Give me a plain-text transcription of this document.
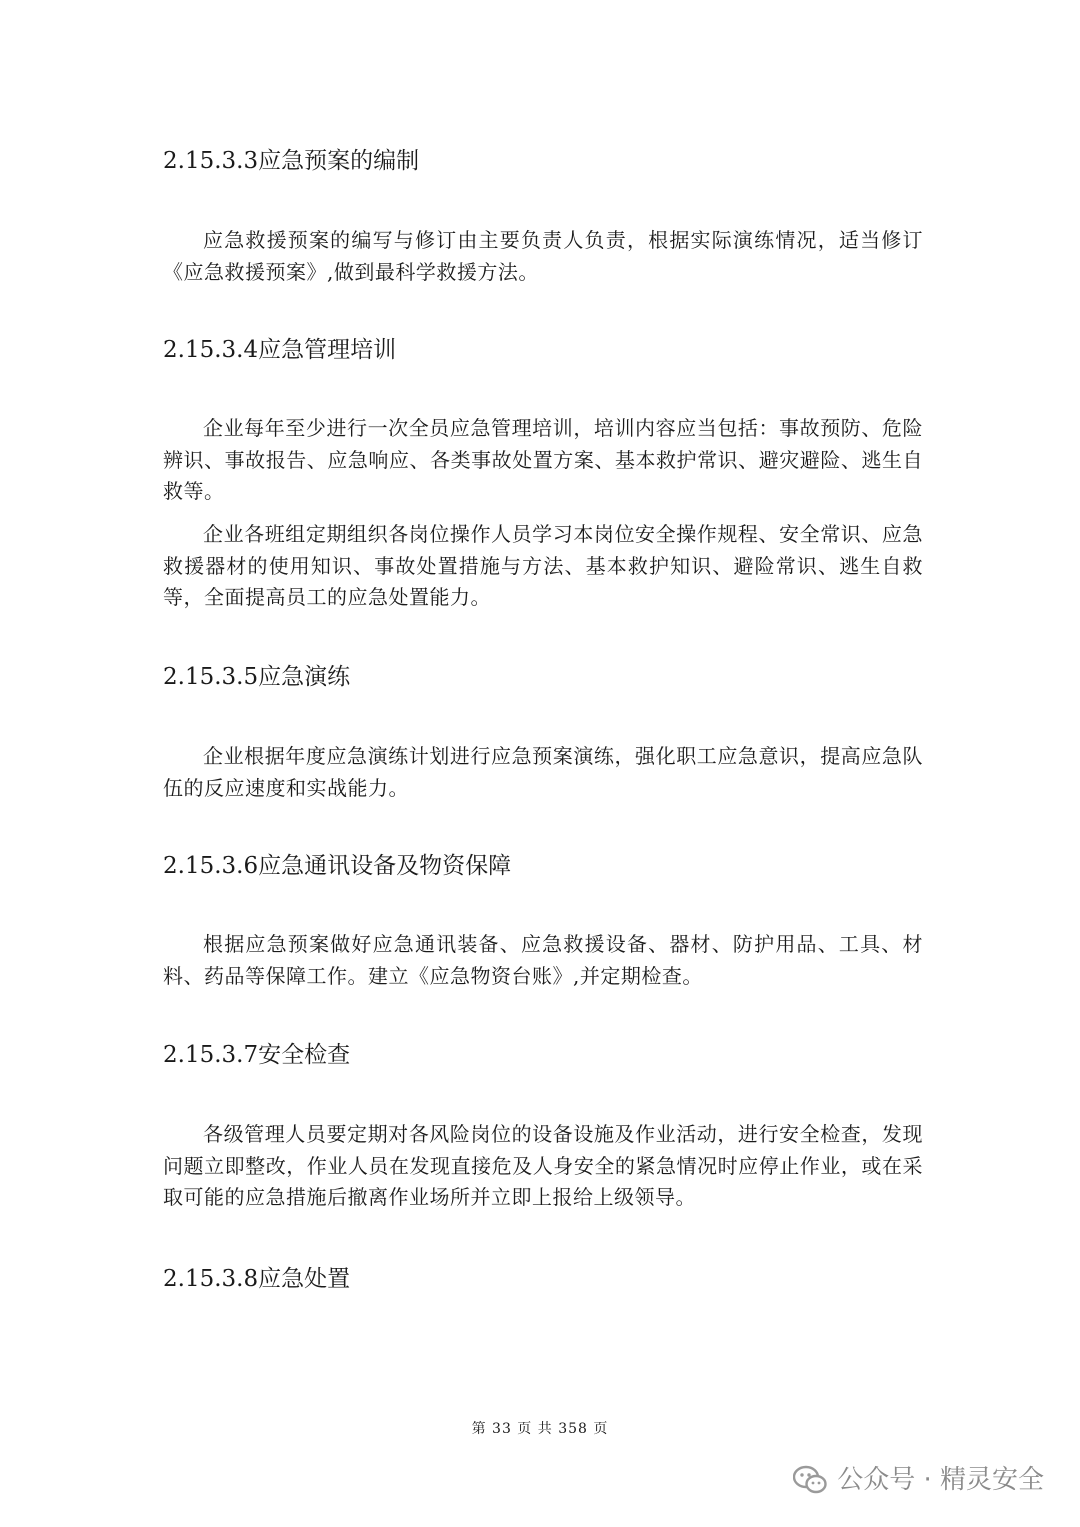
2.15.3.3应急预案的编制

应急救援预案的编写与修订由主要负责人负责，根据实际演练情况，适当修订《应急救援预案》,做到最科学救援方法。

2.15.3.4应急管理培训

企业每年至少进行一次全员应急管理培训，培训内容应当包括：事故预防、危险辨识、事故报告、应急响应、各类事故处置方案、基本救护常识、避灾避险、逃生自救等。

企业各班组定期组织各岗位操作人员学习本岗位安全操作规程、安全常识、应急救援器材的使用知识、事故处置措施与方法、基本救护知识、避险常识、逃生自救等，全面提高员工的应急处置能力。

2.15.3.5应急演练

企业根据年度应急演练计划进行应急预案演练，强化职工应急意识，提高应急队伍的反应速度和实战能力。

2.15.3.6应急通讯设备及物资保障

根据应急预案做好应急通讯装备、应急救援设备、器材、防护用品、工具、材料、药品等保障工作。建立《应急物资台账》,并定期检查。

2.15.3.7安全检查

各级管理人员要定期对各风险岗位的设备设施及作业活动，进行安全检查，发现问题立即整改，作业人员在发现直接危及人身安全的紧急情况时应停止作业，或在采取可能的应急措施后撤离作业场所并立即上报给上级领导。

2.15.3.8应急处置
第 33 页 共 358 页
公众号 · 精灵安全
